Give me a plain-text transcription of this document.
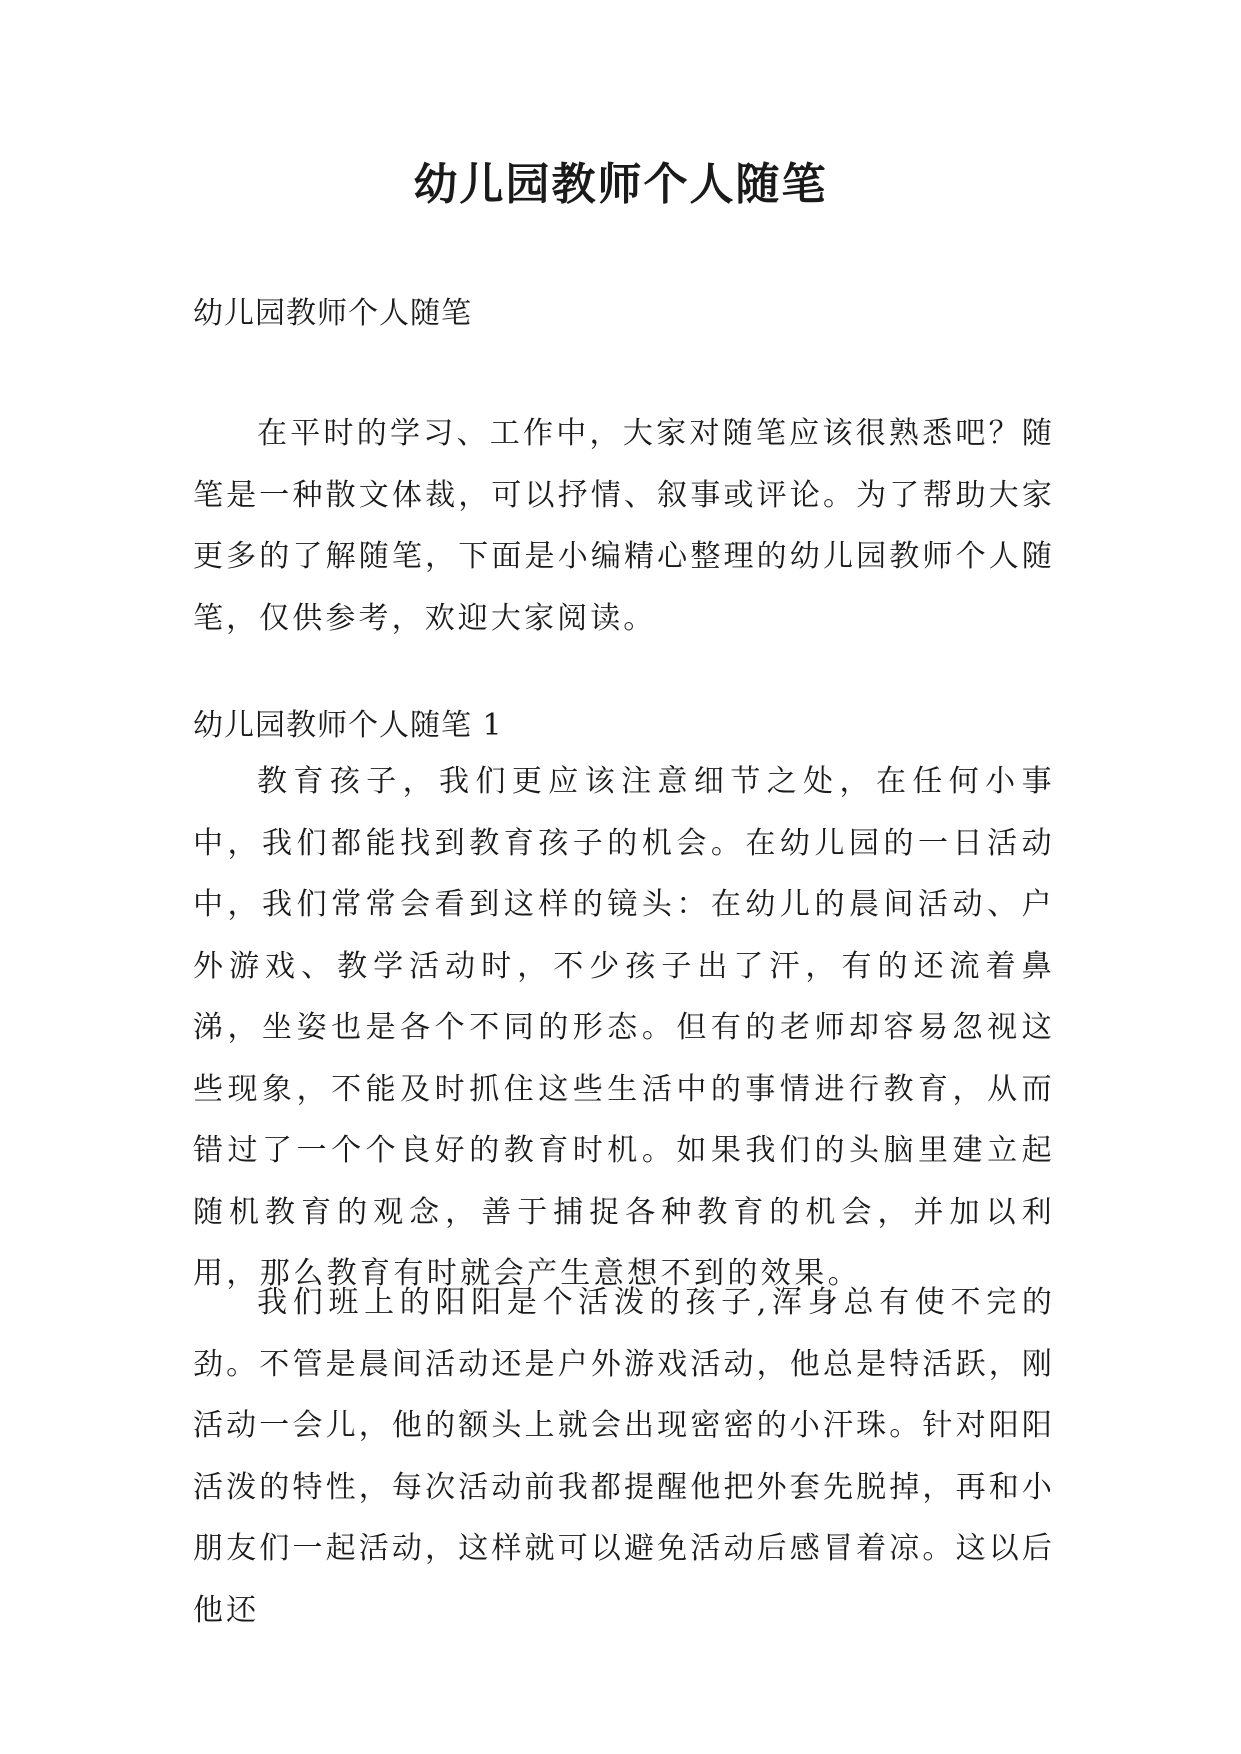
幼儿园教师个人随笔
幼儿园教师个人随笔

在平时的学习、工作中，大家对随笔应该很熟悉吧？随笔是一种散文体裁，可以抒情、叙事或评论。为了帮助大家更多的了解随笔，下面是小编精心整理的幼儿园教师个人随笔，仅供参考，欢迎大家阅读。

幼儿园教师个人随笔 1

教育孩子，我们更应该注意细节之处，在任何小事中，我们都能找到教育孩子的机会。在幼儿园的一日活动中，我们常常会看到这样的镜头：在幼儿的晨间活动、户外游戏、教学活动时，不少孩子出了汗，有的还流着鼻涕，坐姿也是各个不同的形态。但有的老师却容易忽视这些现象，不能及时抓住这些生活中的事情进行教育，从而错过了一个个良好的教育时机。如果我们的头脑里建立起随机教育的观念，善于捕捉各种教育的机会，并加以利用，那么教育有时就会产生意想不到的效果。

我们班上的阳阳是个活泼的孩子,浑身总有使不完的劲。不管是晨间活动还是户外游戏活动，他总是特活跃，刚活动一会儿，他的额头上就会出现密密的小汗珠。针对阳阳活泼的特性，每次活动前我都提醒他把外套先脱掉，再和小朋友们一起活动，这样就可以避免活动后感冒着凉。这以后他还
